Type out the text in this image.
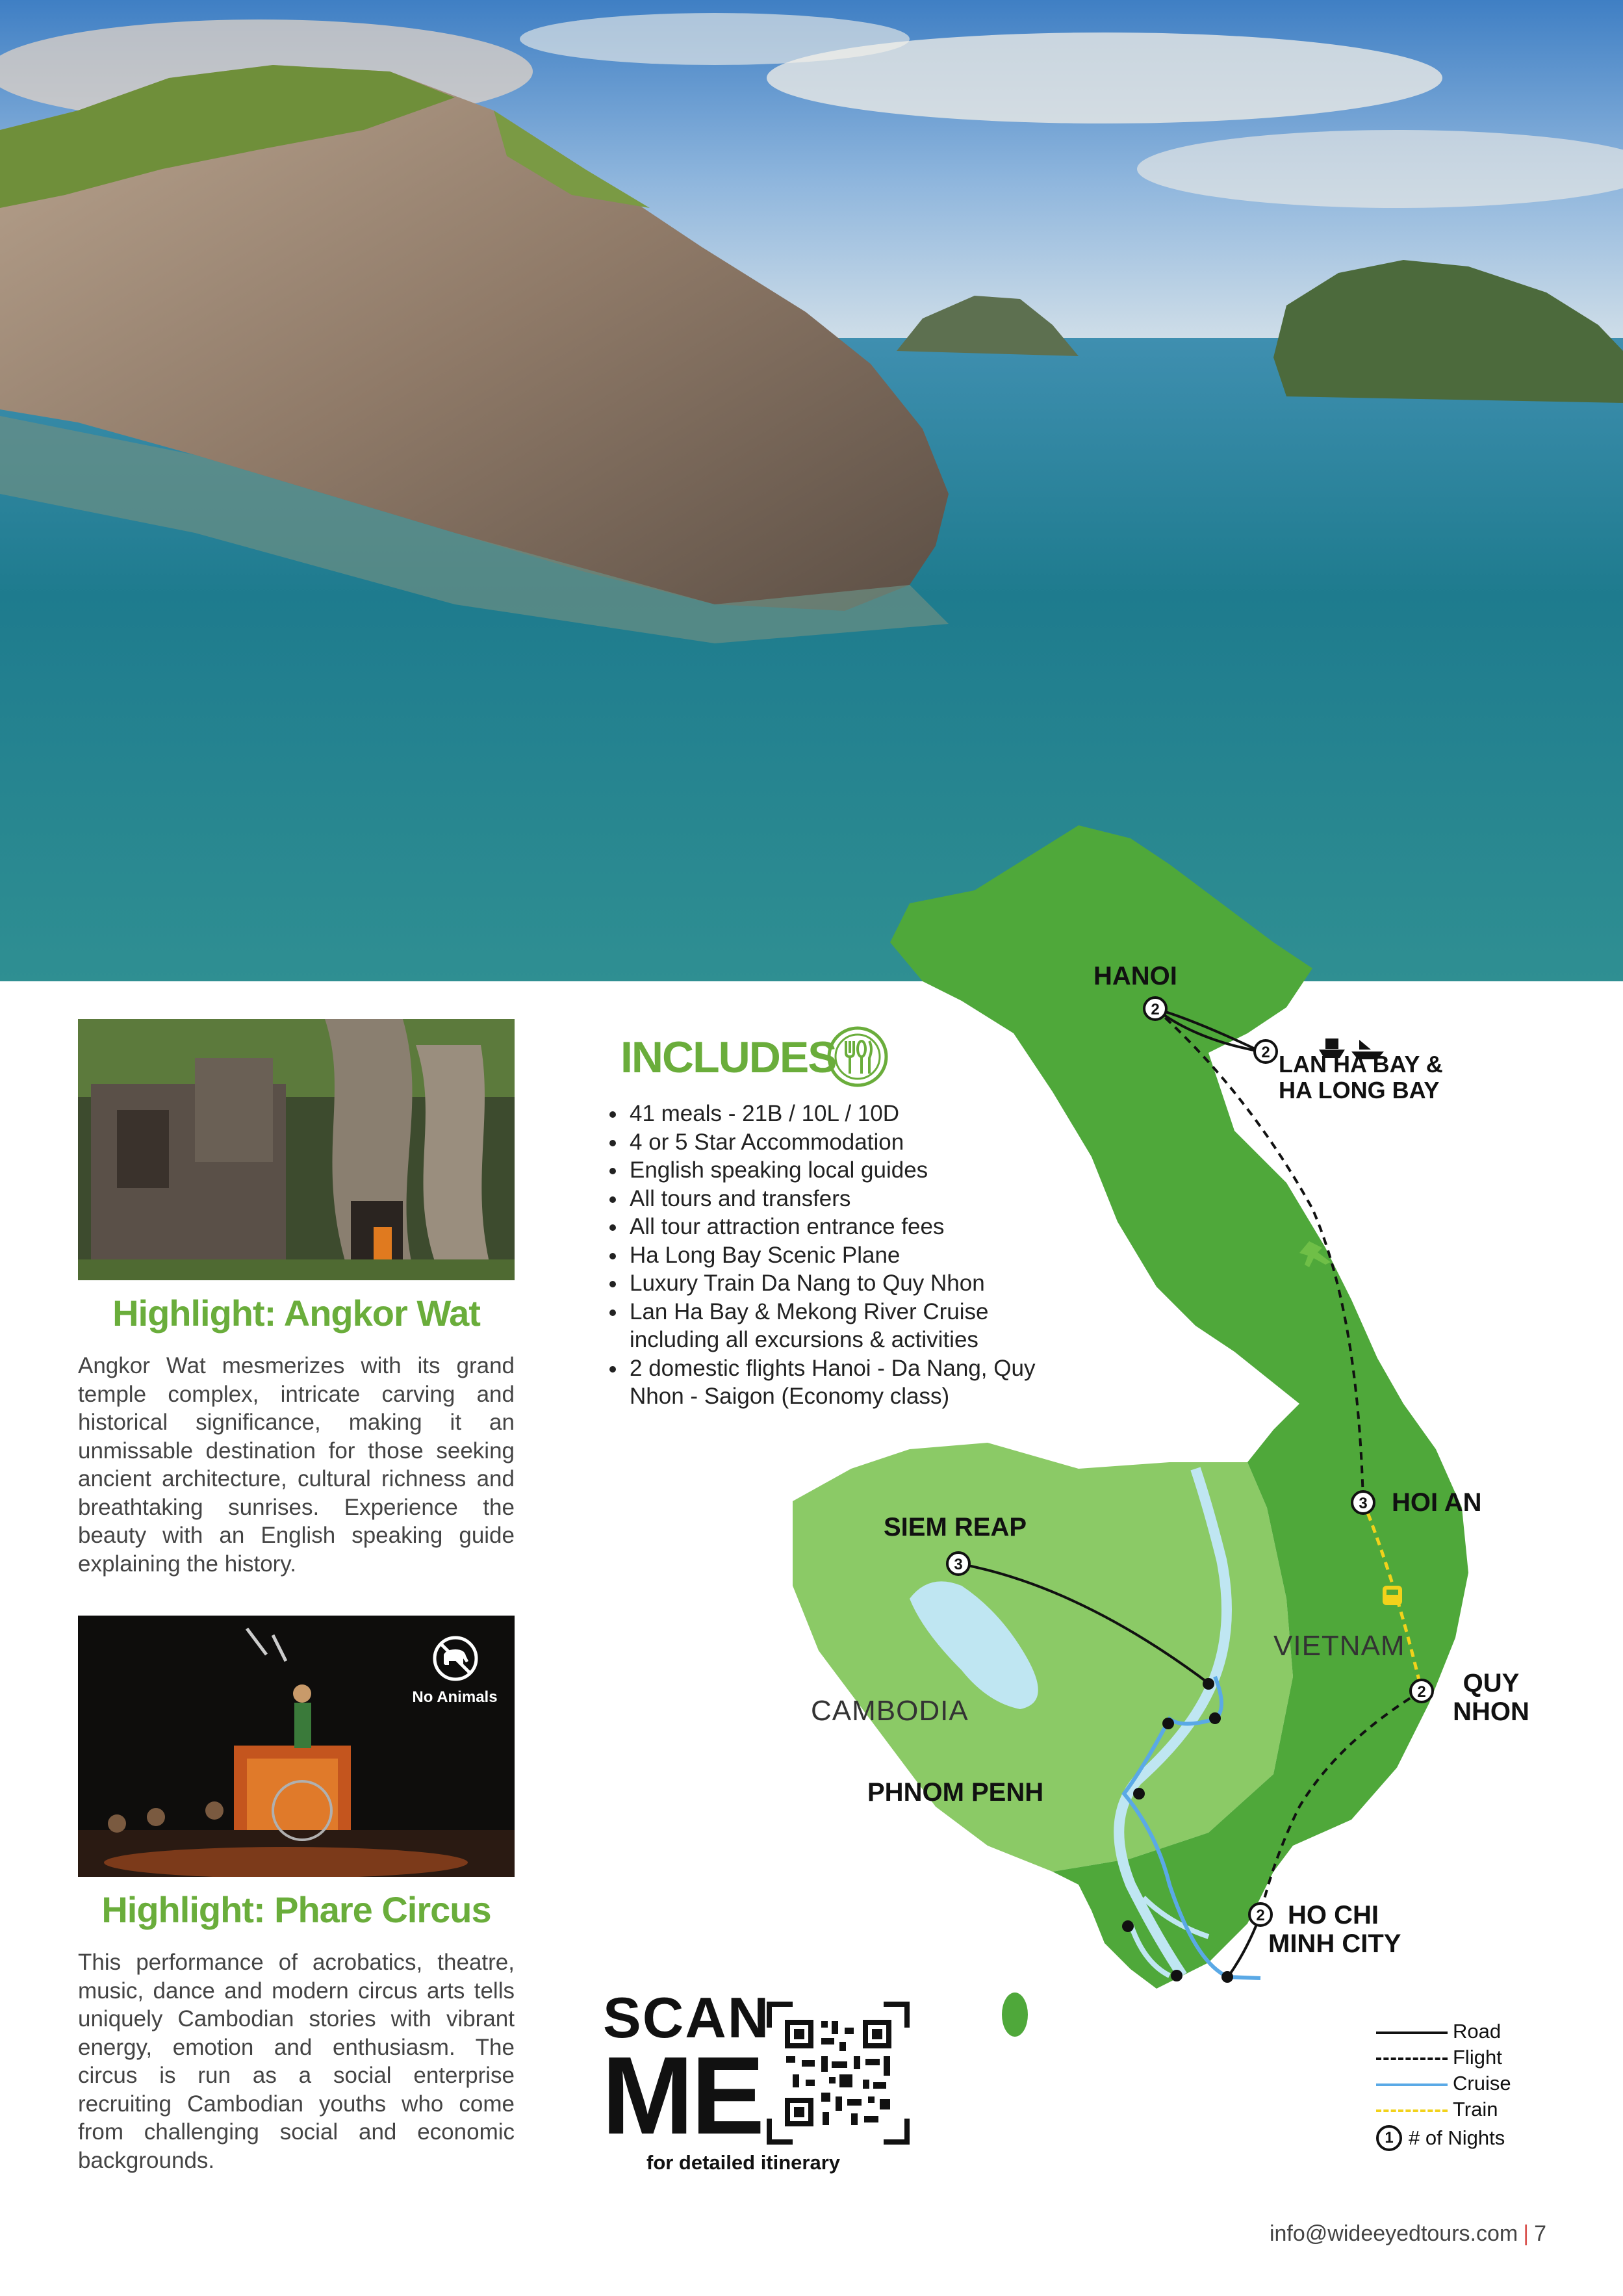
Highlight: Angkor Wat
Angkor Wat mesmerizes with its grand temple complex, intricate carving and historical significance, making it an unmissable destination for those seeking ancient architecture, cultural richness and breathtaking sunrises. Experience the beauty with an English speaking guide explaining the history.
No Animals
Highlight: Phare Circus
This performance of acrobatics, theatre, music, dance and modern circus arts tells uniquely Cambodian stories with vibrant energy, emotion and enthusiasm. The circus is run as a social enterprise recruiting Cambodian youths who come from challenging social and economic backgrounds.
2
2
3
2
2
3
HANOI
LAN HA BAY &
HA LONG BAY
HOI AN
QUY
NHON
HO CHI
MINH CITY
SIEM REAP
PHNOM PENH
VIETNAM
CAMBODIA
INCLUDES
• 41 meals - 21B / 10L / 10D
• 4 or 5 Star Accommodation
• English speaking local guides
• All tours and transfers
• All tour attraction entrance fees
• Ha Long Bay Scenic Plane
• Luxury Train Da Nang to Quy Nhon
• Lan Ha Bay & Mekong River Cruise including all excursions & activities
• 2 domestic flights Hanoi - Da Nang, Quy Nhon - Saigon (Economy class)
SCAN
ME
for detailed itinerary
Road
Flight
Cruise
Train
1 # of Nights
info@wideeyedtours.com | 7
